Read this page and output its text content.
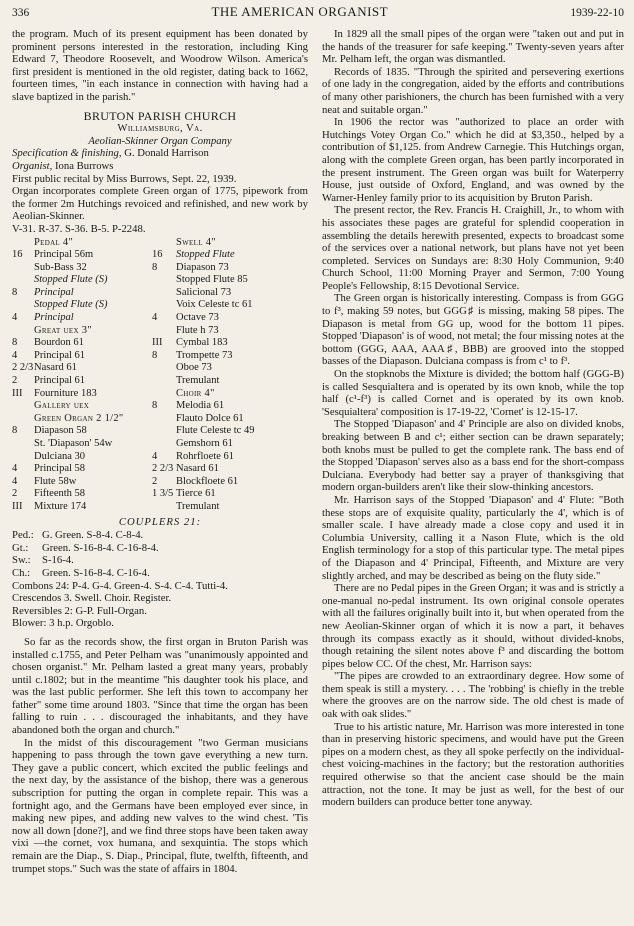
336	THE AMERICAN ORGANIST	1939-22-10

the program. Much of its present equipment has been donated by prominent persons interested in the restoration, including King Edward 7, Theodore Roosevelt, and Woodrow Wilson. America's first president is mentioned in the old register, dating back to 1662, fourteen times, "in each instance in connection with having had a slave baptized in the parish."

BRUTON PARISH CHURCH
Williamsburg, Va.
Aeolian-Skinner Organ Company

Specification & finishing, G. Donald Harrison

Organist, Iona Burrows

First public recital by Miss Burrows, Sept. 22, 1939.

Organ incorporates complete Green organ of 1775, pipework from the former 2m Hutchings revoiced and refinished, and new work by Aeolian-Skinner.

V-31. R-37. S-36. B-5. P-2248.

	Pedal 4"		Swell 4"
16	Principal 56m	16	Stopped Flute
	Sub-Bass 32	8	Diapason 73
	Stopped Flute (S)		Stopped Flute 85
8	Principal		Salicional 73
	Stopped Flute (S)		Voix Celeste tc 61
4	Principal	4	Octave 73
	Great uex 3"		Flute h 73
8	Bourdon 61	III	Cymbal 183
4	Principal 61	8	Trompette 73
2 2/3	Nasard 61		Oboe 73
2	Principal 61		Tremulant
III	Fourniture 183		Choir 4"
	Gallery uex	8	Melodia 61
	Green Organ 2 1/2"		Flauto Dolce 61
8	Diapason 58		Flute Celeste tc 49
	St. 'Diapason' 54w		Gemshorn 61
	Dulciana 30	4	Rohrfloete 61
4	Principal 58	2 2/3	Nasard 61
4	Flute 58w	2	Blockfloete 61
2	Fifteenth 58	1 3/5	Tierce 61
III	Mixture 174		Tremulant
COUPLERS 21:

Ped.: G. Green. S-8-4. C-8-4.

Gt.: Green. S-16-8-4. C-16-8-4.

Sw.: S-16-4.

Ch.: Green. S-16-8-4. C-16-4.

Combons 24: P-4. G-4. Green-4. S-4. C-4. Tutti-4.

Crescendos 3. Swell. Choir. Register.

Reversibles 2: G-P. Full-Organ.

Blower: 3 h.p. Orgoblo.

So far as the records show, the first organ in Bruton Parish was installed c.1755, and Peter Pelham was "unanimously appointed and chosen organist." Mr. Pelham lasted a great many years, probably until c.1802; but in the meantime "his daughter took his place, and was the last public performer. She left this town to accompany her father" some time around 1803. "Since that time the organ has been falling to ruin . . . discouraged the inhabitants, and they have abandoned both the organ and church."

In the midst of this discouragement "two German musicians happening to pass through the town gave everything a new turn. They gave a public concert, which excited the public feelings and the next day, by the assistance of the bishop, there was a generous subscription for putting the organ in complete repair. This was a fortnight ago, and the Germans have been employed ever since, in making new pipes, and adding new valves to the wind chest. 'Tis now all down [done?], and we find three stops have been taken away vixi —the cornet, vox humana, and sexquintia. The stops which remain are the Diap., S. Diap., Principal, flute, twelfth, fifteenth, and trumpet stops." Such was the state of affairs in 1804.

In 1829 all the small pipes of the organ were "taken out and put in the hands of the treasurer for safe keeping." Twenty-seven years after Mr. Pelham left, the organ was dismantled.

Records of 1835. "Through the spirited and persevering exertions of one lady in the congregation, aided by the efforts and contributions of many other parishioners, the church has been furnished with a very neat and suitable organ."

In 1906 the rector was "authorized to place an order with Hutchings Votey Organ Co." which he did at $3,350., helped by a contribution of $1,125. from Andrew Carnegie. This Hutchings organ, along with the complete Green organ, has been partly incorporated in the present instrument. The Green organ was built for Waterperry House, just outside of Oxford, England, and was owned by the Warner-Henley family prior to its acquisition by Bruton Parish.

The present rector, the Rev. Francis H. Craighill, Jr., to whom with his associates these pages are grateful for splendid cooperation in assembling the details herewith presented, expects to broadcast some of the services over a national network, but plans have not yet been completed. Services on Sundays are: 8:30 Holy Communion, 9:40 Church School, 11:00 Morning Prayer and Sermon, 7:00 Young People's Fellowship, 8:15 Devotional Service.

The Green organ is historically interesting. Compass is from GGG to f³, making 59 notes, but GGG♯ is missing, making 58 pipes. The Diapason is metal from GG up, wood for the bottom 11 pipes. Stopped 'Diapason' is of wood, not metal; the four missing notes at the bottom (GGG, AAA, AAA♯, BBB) are grooved into the stopped basses of the Diapason. Dulciana compass is from c¹ to f³.

On the stopknobs the Mixture is divided; the bottom half (GGG-B) is called Sesquialtera and is operated by its own knob, while the top half (c¹-f³) is called Cornet and is operated by its own knob. 'Sesquialtera' composition is 17-19-22, 'Cornet' is 12-15-17.

The Stopped 'Diapason' and 4' Principle are also on divided knobs, breaking between B and c¹; either section can be drawn separately; both knobs must be pulled to get the complete rank. The bass end of the Stopped 'Diapason' serves also as a bass end for the short-compass Dulciana. Everybody had better say a prayer of thanksgiving that modern organ-builders aren't like their slow-thinking ancestors.

Mr. Harrison says of the Stopped 'Diapason' and 4' Flute: "Both these stops are of exquisite quality, particularly the 4', which is of smaller scale. I have already made a close copy and used it in Columbia University, calling it a Nason Flute, which is the old English terminology for a stop of this particular type. The metal pipes of the Diapason and 4' Principal, Fifteenth, and Mixture are very slightly arched, and may be described as being on the fluty side."

There are no Pedal pipes in the Green Organ; it was and is strictly a one-manual no-pedal instrument. Its own original console operates with all the failures originally built into it, but when operated from the new Aeolian-Skinner organ of which it is now a part, it behaves through its compass exactly as it should, without divided-knobs, though retaining the silent notes above f³ and discarding the bottom pipes below CC. Of the chest, Mr. Harrison says:

"The pipes are crowded to an extraordinary degree. How some of them speak is still a mystery. . . . The 'robbing' is chiefly in the treble where the grooves are on the narrow side. The old chest is made of oak with oak slides."

True to his artistic nature, Mr. Harrison was more interested in tone than in preserving historic specimens, and would have put the Green pipes on a modern chest, as they all spoke perfectly on the individual-chest voicing-machines in the factory; but the restoration authorities required otherwise so that the ancient case should be the main attraction, not the tone. It may be just as well, for the best of our modern builders can produce better tone anyway.
